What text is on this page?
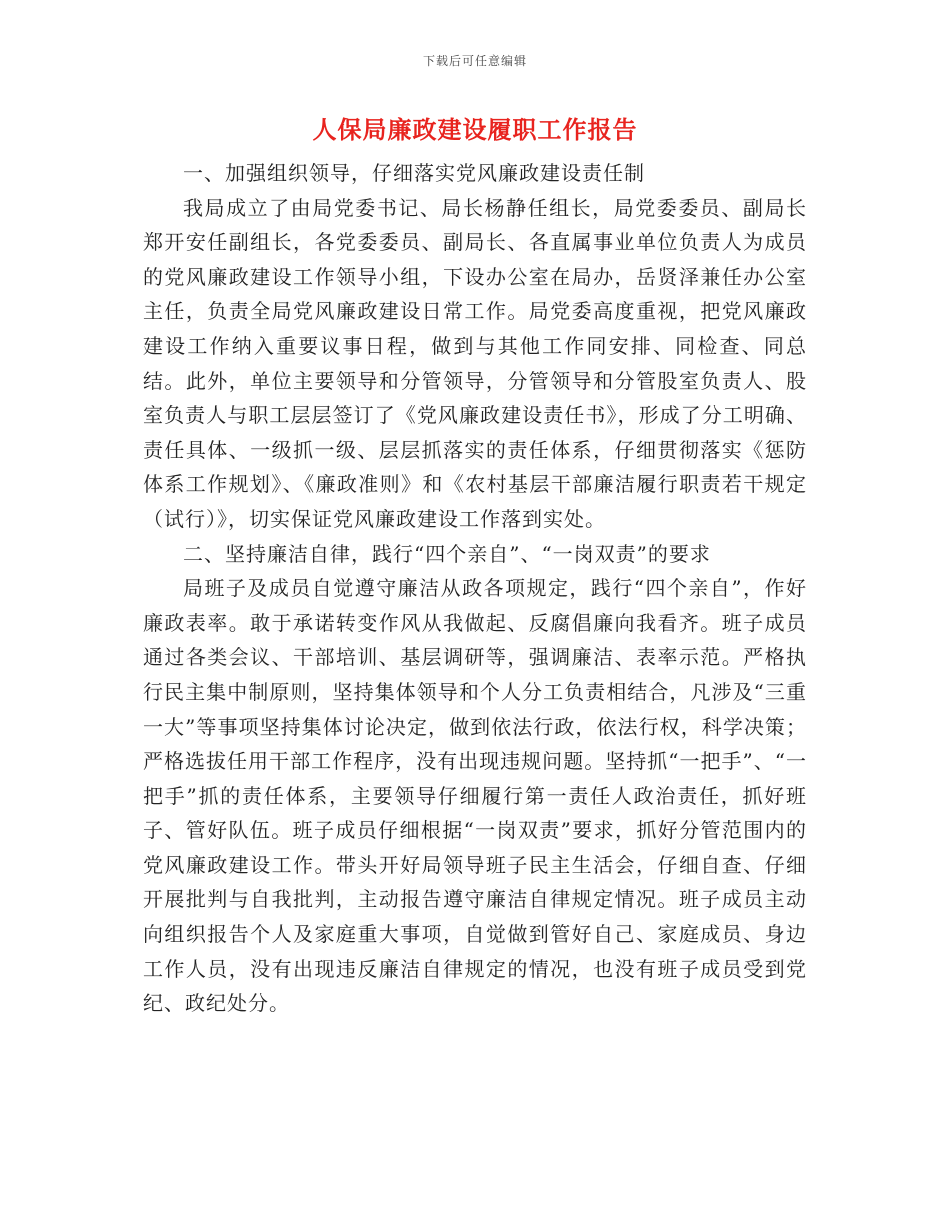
下载后可任意编辑
人保局廉政建设履职工作报告

一、加强组织领导，仔细落实党风廉政建设责任制

我局成立了由局党委书记、局长杨静任组长，局党委委员、副局长郑开安任副组长，各党委委员、副局长、各直属事业单位负责人为成员的党风廉政建设工作领导小组，下设办公室在局办，岳贤泽兼任办公室主任，负责全局党风廉政建设日常工作。局党委高度重视，把党风廉政建设工作纳入重要议事日程，做到与其他工作同安排、同检查、同总结。此外，单位主要领导和分管领导，分管领导和分管股室负责人、股室负责人与职工层层签订了《党风廉政建设责任书》，形成了分工明确、责任具体、一级抓一级、层层抓落实的责任体系，仔细贯彻落实《惩防体系工作规划》、《廉政准则》和《农村基层干部廉洁履行职责若干规定（试行）》，切实保证党风廉政建设工作落到实处。

二、坚持廉洁自律，践行“四个亲自”、“一岗双责”的要求

局班子及成员自觉遵守廉洁从政各项规定，践行“四个亲自”，作好廉政表率。敢于承诺转变作风从我做起、反腐倡廉向我看齐。班子成员通过各类会议、干部培训、基层调研等，强调廉洁、表率示范。严格执行民主集中制原则，坚持集体领导和个人分工负责相结合，凡涉及“三重一大”等事项坚持集体讨论决定，做到依法行政，依法行权，科学决策；严格选拔任用干部工作程序，没有出现违规问题。坚持抓“一把手”、“一把手”抓的责任体系，主要领导仔细履行第一责任人政治责任，抓好班子、管好队伍。班子成员仔细根据“一岗双责”要求，抓好分管范围内的党风廉政建设工作。带头开好局领导班子民主生活会，仔细自查、仔细开展批判与自我批判，主动报告遵守廉洁自律规定情况。班子成员主动向组织报告个人及家庭重大事项，自觉做到管好自己、家庭成员、身边工作人员，没有出现违反廉洁自律规定的情况，也没有班子成员受到党纪、政纪处分。
